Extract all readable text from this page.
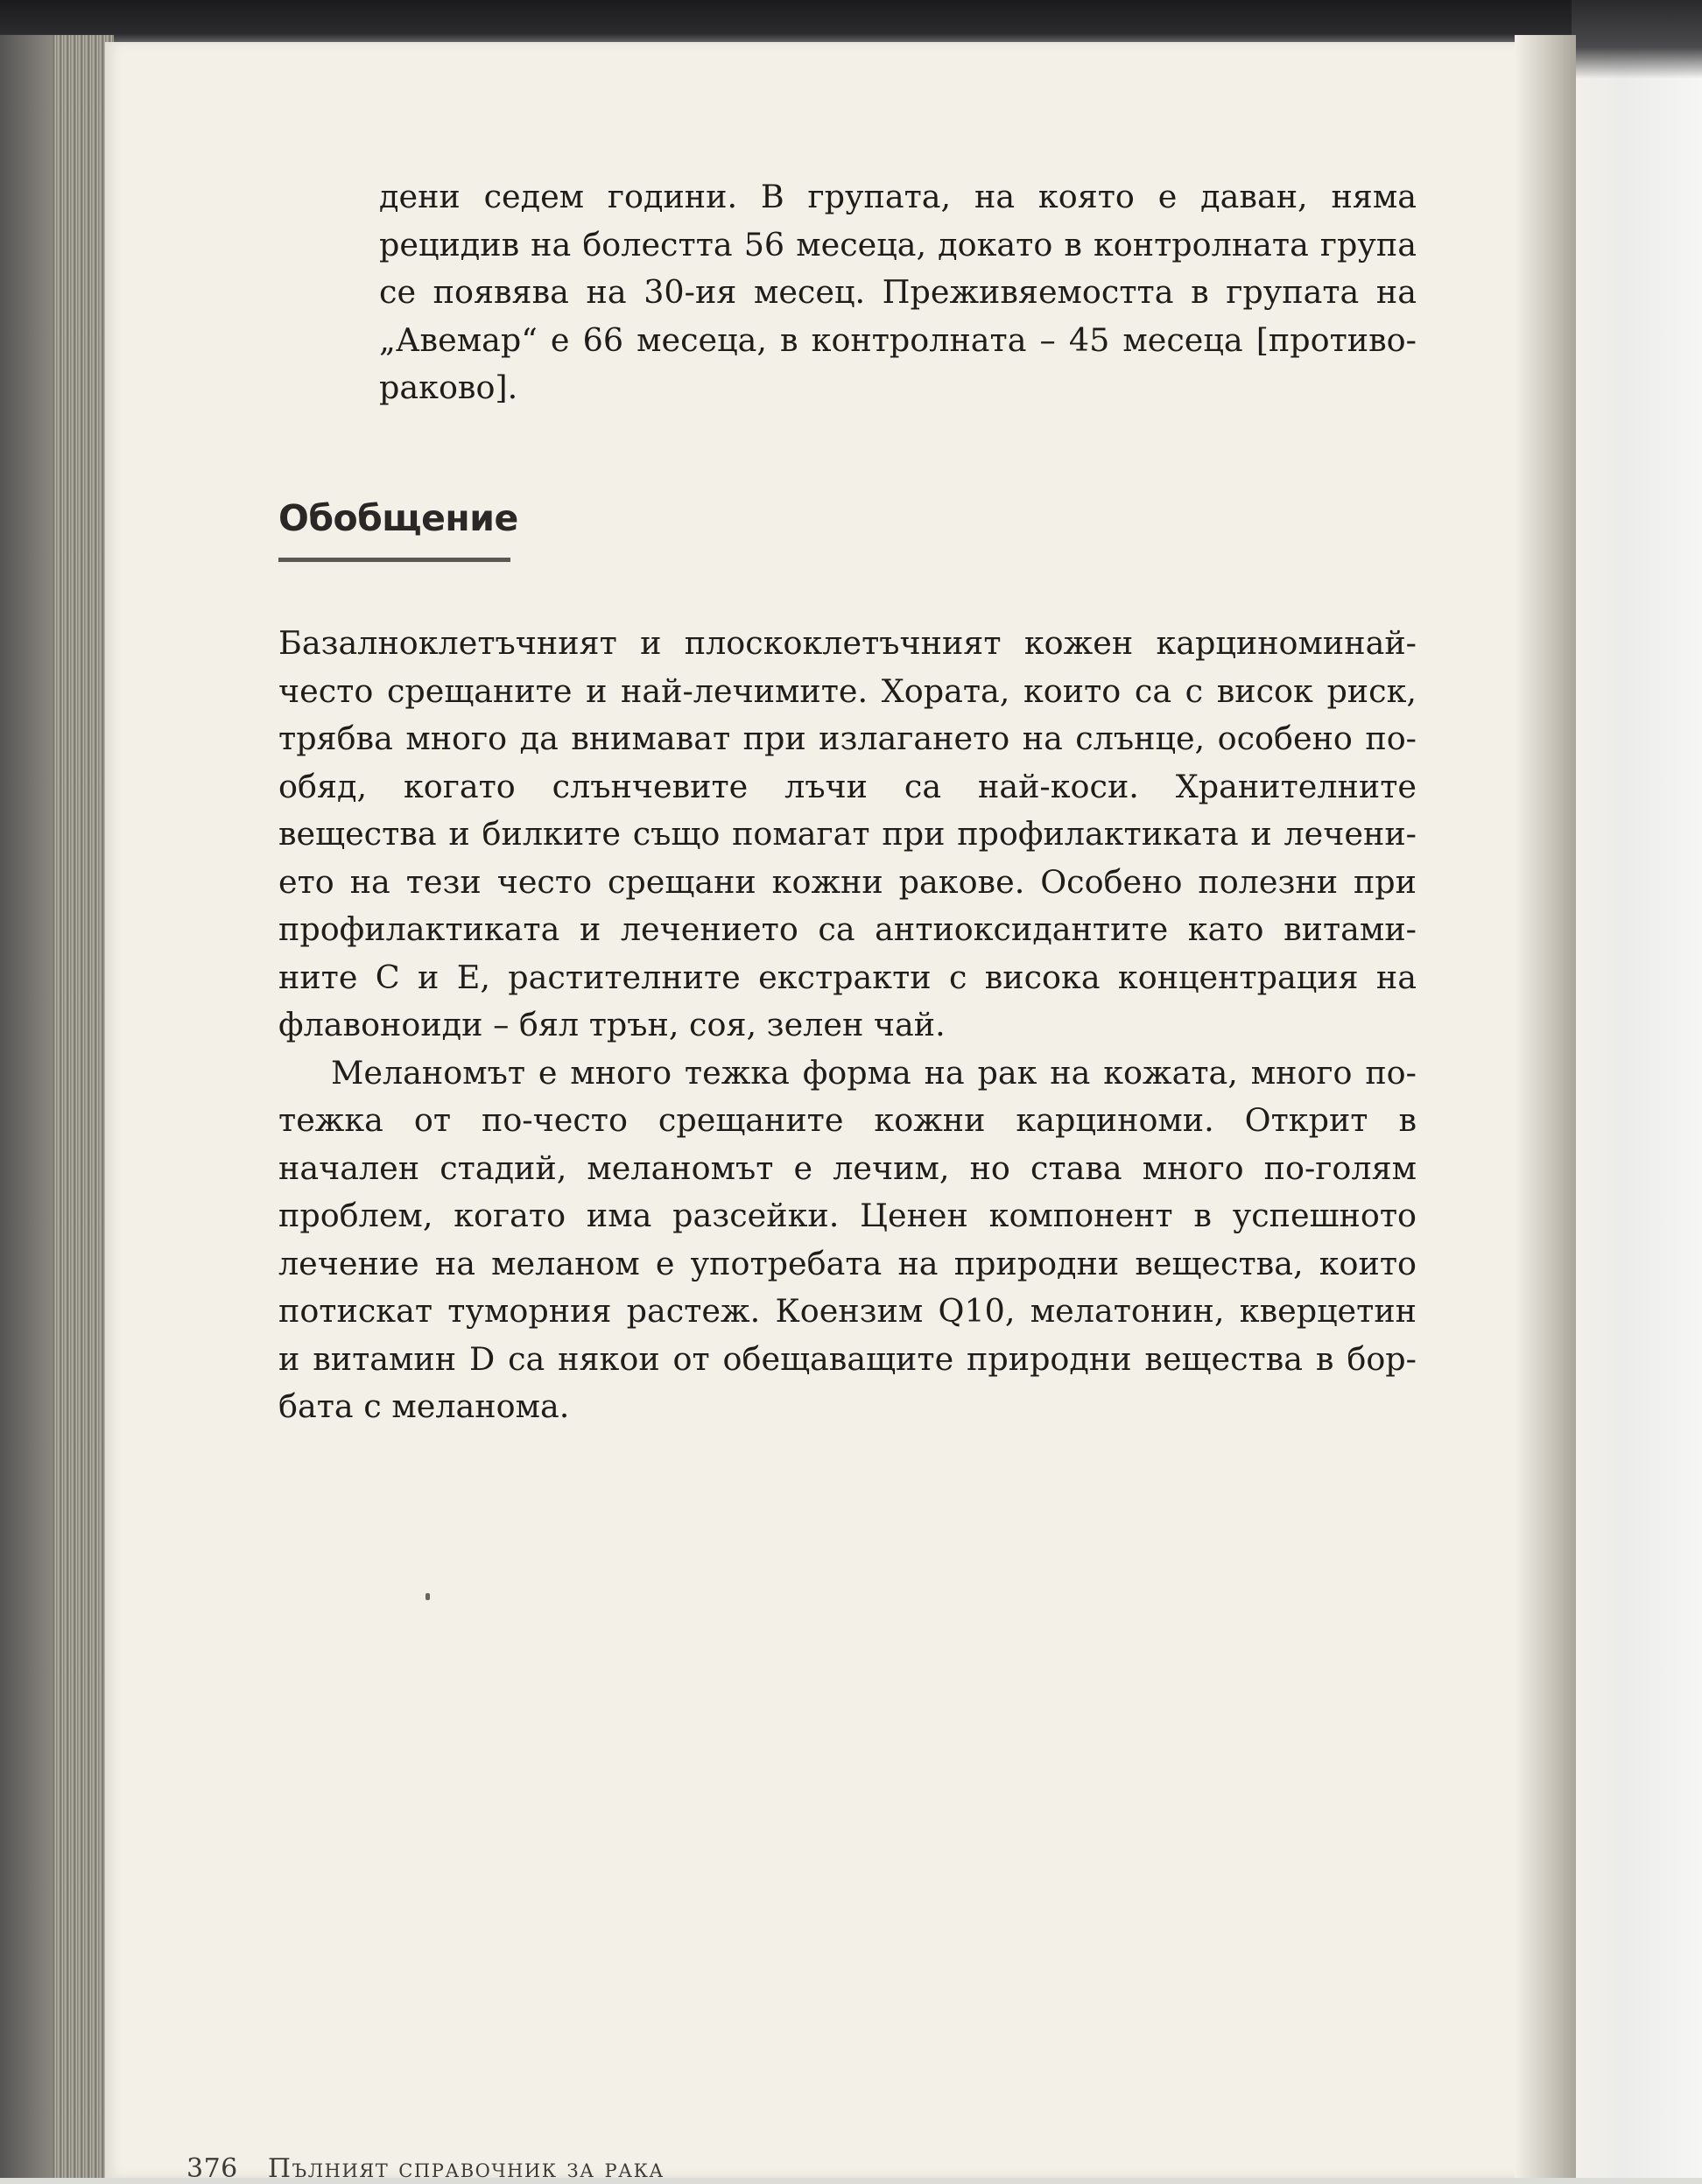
дени седем години. В групата, на която е даван, няма рецидив на болестта 56 месеца, докато в контролната група се появява на 30-ия месец. Преживяемостта в групата на „Авемар“ е 66 месеца, в контролната – 45 месеца [противораково].
Обобщение

Базалноклетъчният и плоскоклетъчният кожен карциноминай-често срещаните и най-лечимите. Хората, които са с висок риск, трябва много да внимават при излагането на слънце, особено по-обяд, когато слънчевите лъчи са най-коси. Хранителните вещества и билките също помагат при профилактиката и лечението на тези често срещани кожни ракове. Особено полезни при профилактиката и лечението са антиоксидантите като витамините C и E, растителните екстракти с висока концентрация на флавоноиди – бял трън, соя, зелен чай.

Меланомът е много тежка форма на рак на кожата, много по-тежка от по-често срещаните кожни карциноми. Открит в начален стадий, меланомът е лечим, но става много по-голям проблем, когато има разсейки. Ценен компонент в успешното лечение на меланом е употребата на природни вещества, които потискат туморния растеж. Коензим Q10, мелатонин, кверцетин и витамин D са някои от обещаващите природни вещества в борбата с меланома.

376 Пълният справочник за рака
